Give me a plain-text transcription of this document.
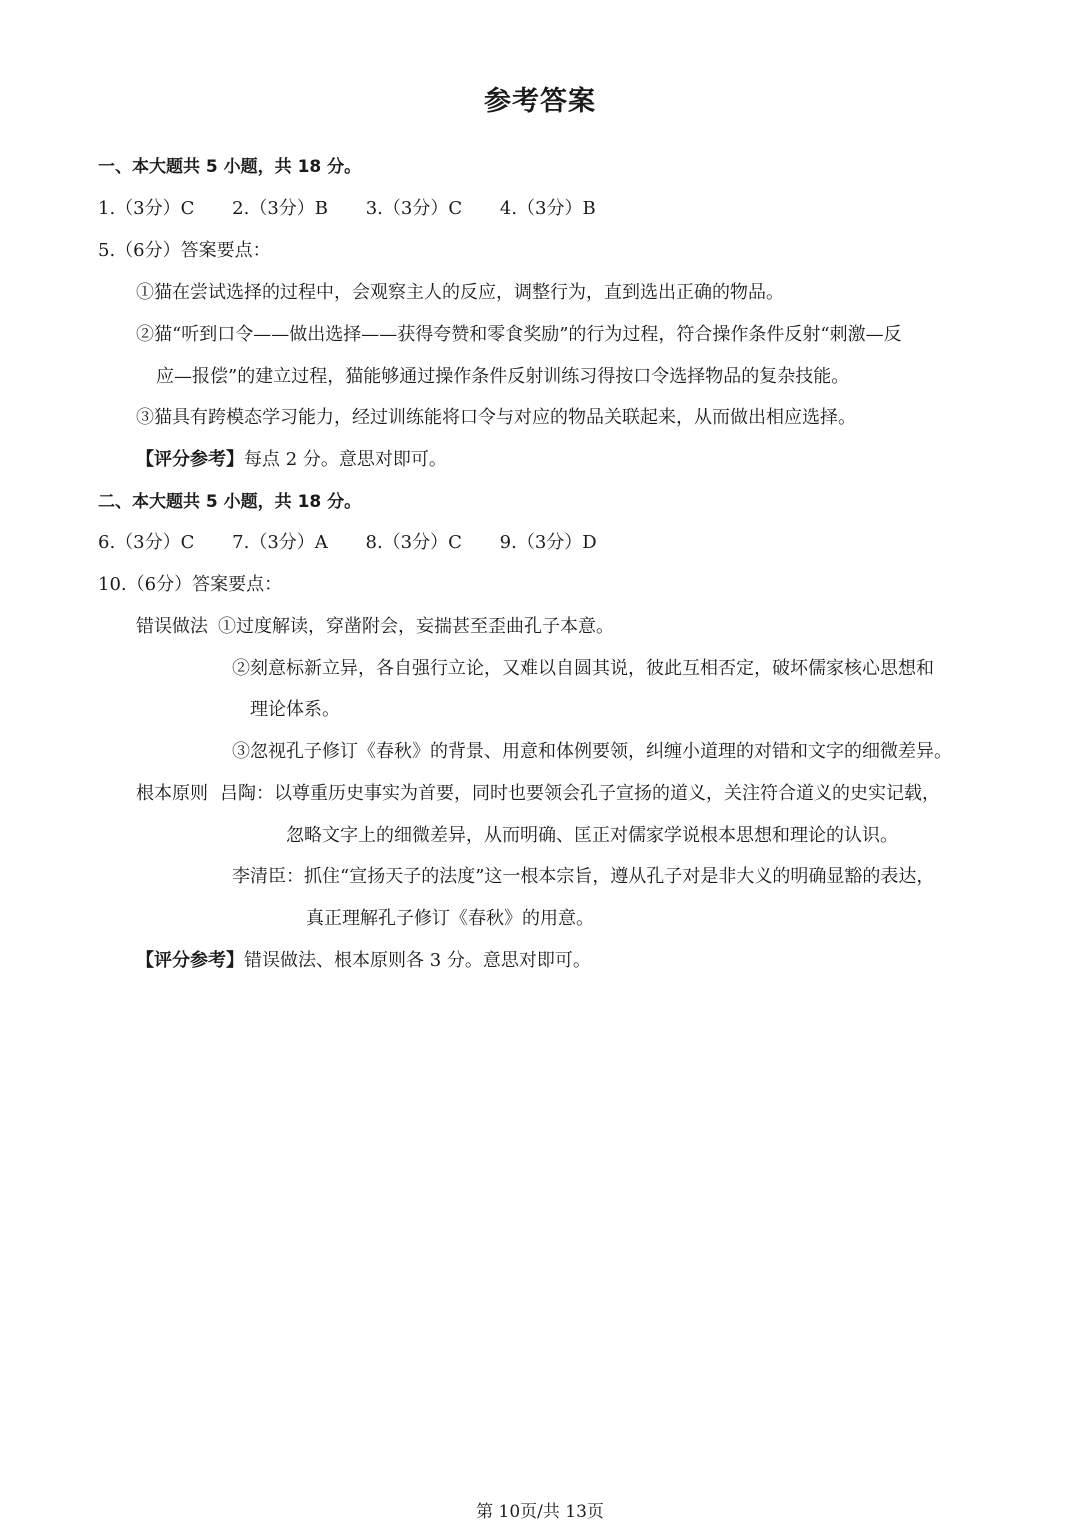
参考答案
一、本大题共 5 小题，共 18 分。
1.（3分）C 2.（3分）B 3.（3分）C 4.（3分）B
5.（6分）答案要点：
①猫在尝试选择的过程中，会观察主人的反应，调整行为，直到选出正确的物品。
②猫“听到口令——做出选择——获得夸赞和零食奖励”的行为过程，符合操作条件反射“刺激—反
应—报偿”的建立过程，猫能够通过操作条件反射训练习得按口令选择物品的复杂技能。
③猫具有跨模态学习能力，经过训练能将口令与对应的物品关联起来，从而做出相应选择。
【评分参考】每点 2 分。意思对即可。
二、本大题共 5 小题，共 18 分。
6.（3分）C 7.（3分）A 8.（3分）C 9.（3分）D
10.（6分）答案要点：
错误做法 ①过度解读，穿凿附会，妄揣甚至歪曲孔子本意。
②刻意标新立异，各自强行立论，又难以自圆其说，彼此互相否定，破坏儒家核心思想和
理论体系。
③忽视孔子修订《春秋》的背景、用意和体例要领，纠缠小道理的对错和文字的细微差异。
根本原则 吕陶：以尊重历史事实为首要，同时也要领会孔子宣扬的道义，关注符合道义的史实记载，
忽略文字上的细微差异，从而明确、匡正对儒家学说根本思想和理论的认识。
李清臣：抓住“宣扬天子的法度”这一根本宗旨，遵从孔子对是非大义的明确显豁的表达，
真正理解孔子修订《春秋》的用意。
【评分参考】错误做法、根本原则各 3 分。意思对即可。
第 10页/共 13页
